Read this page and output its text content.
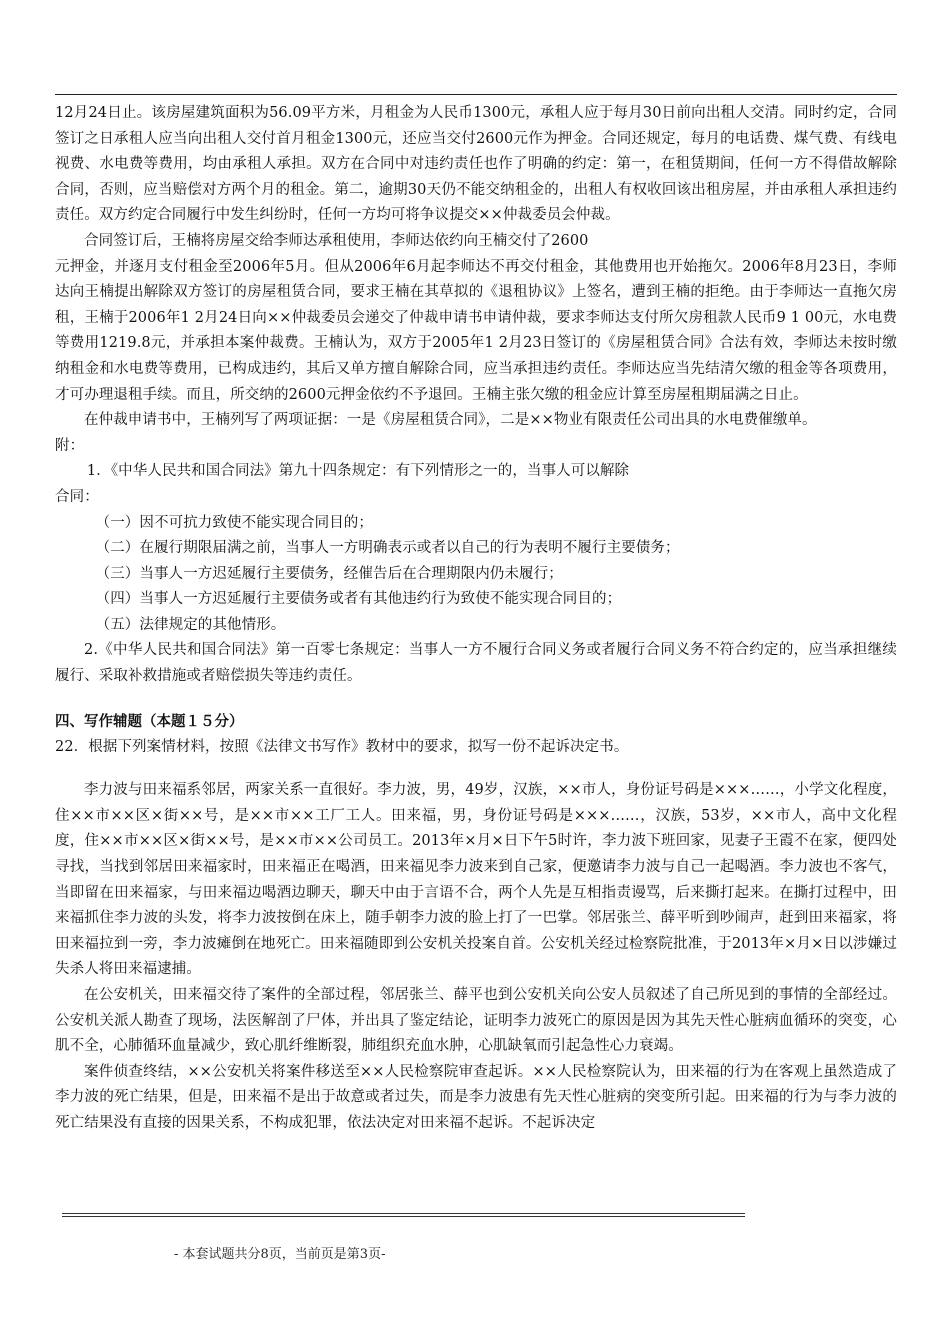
12月24日止。该房屋建筑面积为56.09平方米，月租金为人民币1300元，承租人应于每月30日前向出租人交清。同时约定，合同签订之日承租人应当向出租人交付首月租金1300元，还应当交付2600元作为押金。合同还规定，每月的电话费、煤气费、有线电视费、水电费等费用，均由承租人承担。双方在合同中对违约责任也作了明确的约定：第一，在租赁期间，任何一方不得借故解除合同，否则，应当赔偿对方两个月的租金。第二，逾期30天仍不能交纳租金的，出租人有权收回该出租房屋，并由承租人承担违约责任。双方约定合同履行中发生纠纷时，任何一方均可将争议提交××仲裁委员会仲裁。

合同签订后，王楠将房屋交给李师达承租使用，李师达依约向王楠交付了2600

元押金，并逐月支付租金至2006年5月。但从2006年6月起李师达不再交付租金，其他费用也开始拖欠。2006年8月23日，李师达向王楠提出解除双方签订的房屋租赁合同，要求王楠在其草拟的《退租协议》上签名，遭到王楠的拒绝。由于李师达一直拖欠房租，王楠于2006年1 2月24日向××仲裁委员会递交了仲裁申请书申请仲裁，要求李师达支付所欠房租款人民币9 1 00元，水电费等费用1219.8元，并承担本案仲裁费。王楠认为，双方于2005年1 2月23日签订的《房屋租赁合同》合法有效，李师达未按时缴纳租金和水电费等费用，已构成违约，其后又单方擅自解除合同，应当承担违约责任。李师达应当先结清欠缴的租金等各项费用，才可办理退租手续。而且，所交纳的2600元押金依约不予退回。王楠主张欠缴的租金应计算至房屋租期届满之日止。

在仲裁申请书中，王楠列写了两项证据：一是《房屋租赁合同》，二是××物业有限责任公司出具的水电费催缴单。

附：

1．《中华人民共和国合同法》第九十四条规定：有下列情形之一的，当事人可以解除

合同：

（一）因不可抗力致使不能实现合同目的；

（二）在履行期限届满之前，当事人一方明确表示或者以自己的行为表明不履行主要债务；

（三）当事人一方迟延履行主要债务，经催告后在合理期限内仍未履行；

（四）当事人一方迟延履行主要债务或者有其他违约行为致使不能实现合同目的；

（五）法律规定的其他情形。

2.《中华人民共和国合同法》第一百零七条规定：当事人一方不履行合同义务或者履行合同义务不符合约定的，应当承担继续履行、采取补救措施或者赔偿损失等违约责任。

四、写作辅题（本题１５分）

22．根据下列案情材料，按照《法律文书写作》教材中的要求，拟写一份不起诉决定书。

李力波与田来福系邻居，两家关系一直很好。李力波，男，49岁，汉族，××市人，身份证号码是×××……，小学文化程度，住××市××区×街××号，是××市××工厂工人。田来福，男，身份证号码是×××……，汉族，53岁，××市人，高中文化程度，住××市××区×街××号，是××市××公司员工。2013年×月×日下午5时许，李力波下班回家，见妻子王霞不在家，便四处寻找，当找到邻居田来福家时，田来福正在喝酒，田来福见李力波来到自己家，便邀请李力波与自己一起喝酒。李力波也不客气，当即留在田来福家，与田来福边喝酒边聊天，聊天中由于言语不合，两个人先是互相指责谩骂，后来撕打起来。在撕打过程中，田来福抓住李力波的头发，将李力波按倒在床上，随手朝李力波的脸上打了一巴掌。邻居张兰、薛平听到吵闹声，赶到田来福家，将田来福拉到一旁，李力波瘫倒在地死亡。田来福随即到公安机关投案自首。公安机关经过检察院批准，于2013年×月×日以涉嫌过失杀人将田来福逮捕。

在公安机关，田来福交待了案件的全部过程，邻居张兰、薛平也到公安机关向公安人员叙述了自己所见到的事情的全部经过。公安机关派人勘查了现场，法医解剖了尸体，并出具了鉴定结论，证明李力波死亡的原因是因为其先天性心脏病血循环的突变，心肌不全，心肺循环血量减少，致心肌纤维断裂，肺组织充血水肿，心肌缺氧而引起急性心力衰竭。

案件侦查终结，××公安机关将案件移送至××人民检察院审查起诉。××人民检察院认为，田来福的行为在客观上虽然造成了李力波的死亡结果，但是，田来福不是出于故意或者过失，而是李力波患有先天性心脏病的突变所引起。田来福的行为与李力波的死亡结果没有直接的因果关系，不构成犯罪，依法决定对田来福不起诉。不起诉决定

- 本套试题共分8页，当前页是第3页-
